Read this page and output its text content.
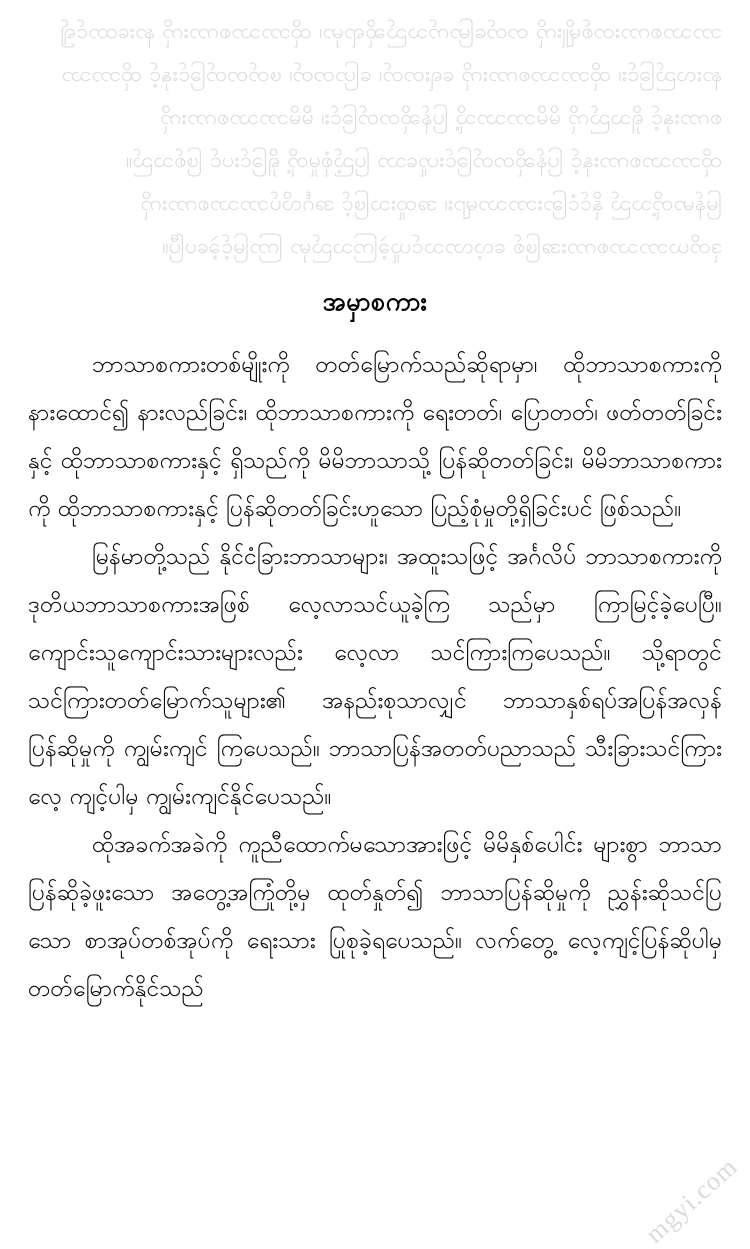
ဘာသာစကားတစ်မျိုးကို တတ်မြောက်သည်ဆိုရာမှာ၊ ထိုဘာသာစကားကို နားထောင်၍

နားလည်ခြင်း၊ ထိုဘာသာစကားကို ရေးတတ်၊ ပြောတတ်၊ ဖတ်တတ်ခြင်းနှင့် ထိုဘာသာ

စကားနှင့် ရှိသည်ကို မိမိဘာသာသို့ ပြန်ဆိုတတ်ခြင်း၊ မိမိဘာသာစကားကို

ထိုဘာသာစကားနှင့် ပြန်ဆိုတတ်ခြင်းဟူသော ပြည့်စုံမှုတို့ ရှိခြင်းပင် ဖြစ်သည်။

မြန်မာတို့သည် နိုင်ငံခြားဘာသာများ၊ အထူးသဖြင့် အင်္ဂလိပ်ဘာသာစကားကို

ဒုတိယဘာသာစကားအဖြစ် လေ့လာသင်ယူခဲ့ကြသည်မှာ ကြာမြင့်ခဲ့ပေပြီ။

အမှာစကား

ဘာသာစကားတစ်မျိုးကို တတ်မြောက်သည်ဆိုရာမှာ၊ ထိုဘာသာစကားကို နားထောင်၍ နားလည်ခြင်း၊ ထိုဘာသာစကားကို ရေးတတ်၊ ပြောတတ်၊ ဖတ်တတ်ခြင်းနှင့် ထိုဘာသာစကားနှင့် ရှိသည်ကို မိမိဘာသာသို့ ပြန်ဆိုတတ်ခြင်း၊ မိမိဘာသာစကားကို ထိုဘာသာစကားနှင့် ပြန်ဆိုတတ်ခြင်းဟူသော ပြည့်စုံမှုတို့ရှိခြင်းပင် ဖြစ်သည်။

မြန်မာတို့သည် နိုင်ငံခြားဘာသာများ၊ အထူးသဖြင့် အင်္ဂလိပ် ဘာသာစကားကို ဒုတိယဘာသာစကားအဖြစ် လေ့လာသင်ယူခဲ့ကြ သည်မှာ ကြာမြင့်ခဲ့ပေပြီ။ ကျောင်းသူကျောင်းသားများလည်း လေ့လာ သင်ကြားကြပေသည်။ သို့ရာတွင် သင်ကြားတတ်မြောက်သူများ၏ အနည်းစုသာလျှင် ဘာသာနှစ်ရပ်အပြန်အလှန် ပြန်ဆိုမှုကို ကျွမ်းကျင် ကြပေသည်။ ဘာသာပြန်အတတ်ပညာသည် သီးခြားသင်ကြား လေ့ ကျင့်ပါမှ ကျွမ်းကျင်နိုင်ပေသည်။

ထိုအခက်အခဲကို ကူညီထောက်မသောအားဖြင့် မိမိနှစ်ပေါင်း များစွာ ဘာသာပြန်ဆိုခဲ့ဖူးသော အတွေ့အကြုံတို့မှ ထုတ်နှုတ်၍ ဘာသာပြန်ဆိုမှုကို ညွှန်းဆိုသင်ပြသော စာအုပ်တစ်အုပ်ကို ရေးသား ပြုစုခဲ့ရပေသည်။ လက်တွေ့ လေ့ကျင့်ပြန်ဆိုပါမှ တတ်မြောက်နိုင်သည်

mgyi.com
